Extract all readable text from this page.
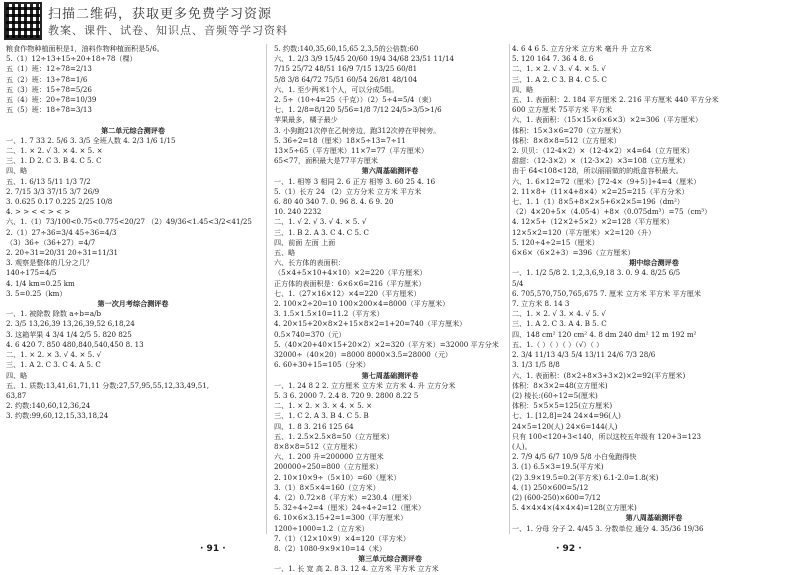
扫描二维码，获取更多免费学习资源
教案、课件、试卷、知识点、音频等学习资料
粮食作物种植面积是1，油料作物种植面积是5/6。
5.（1）12÷13+15÷20+18÷78（棵）
五（1）班：12÷78=2/13
五（2）班：13÷78=1/6
五（3）班：15÷78=5/26
五（4）班：20÷78=10/39
五（5）班：18÷78=3/13

第二单元综合测评卷
一、1. 7 33 2. 5/6 3. 3/5 全班人数 4. 2/3 1/6 1/15
二、1. × 2. √ 3. × 4. × 5. ×
三、1. D 2. C 3. B 4. C 5. C
四、略
五、1. 6/13 5/11 1/3 7/2
2. 7/15 3/3 37/15 3/7 26/9
3. 0.625 0.17 0.225 2/25 10/8
4. > > < < > < >
六、1.（1）73/100<0.75<0.775<20/27 （2）49/36<1.45<3/2<41/25
2.（1）27÷36=3/4 45÷36=4/3
（3）36÷（36+27）=4/7
2. 20÷31=20/31 20÷31=11/31
3. 观察是整体的几分之几？
140÷175=4/5
4. 1/4 km=0.25 km
3. 5=0.25（km）
第一次月考综合测评卷
一、1. 被除数 除数 a÷b=a/b
2. 3/5 13,26,39 13,26,39,52 6,18,24
3. 这箱苹果 4 3/4 1/4 2/5 5. 820 825
4. 6 420 7. 850 480,840,540,450 8. 13
二、1. × 2. × 3. √ 4. × 5. √
三、1. A 2. C 3. C 4. A 5. C
四、略
五、1. 质数:13,41,61,71,11 分数:27,57,95,55,12,33,49,51,
63,87
2. 约数:140,60,12,36,24
3. 约数:99,60,12,15,33,18,24
5. 约数:140,35,60,15,65 2,3,5的公倍数:60
六、1. 2/3 3/9 15/45 20/60 19/4 34/68 23/51 11/14
7/15 25/72 48/51 16/9 7/15 13/25 60/81
5/8 3/8 64/72 75/51 60/54 26/81 48/104
六、1. 至少两米1个人，可以分成5组。
2. 5÷（10÷4=25（千克））（2）5÷4=5/4（束）
七、1. 2/8=8/120 5/56=1/8 7/12 24/5>3/5>1/6
苹果最多，橘子最少
3. 小狗跑21次停在乙树旁边，跑312次停在甲树旁。
5. 36÷2=18（厘米）18×5÷13=7÷11
13×5÷65（平方厘米）11×7=77（平方厘米）
65<77，面积最大是77平方厘米
第六周基础测评卷
一、1. 相等 3 相同 2. 6 正方 相等 3. 60 25 4. 16
5.（1）长方 24 （2）立方分米 立方米 平方米
6. 80 40 340 7. 0. 96 8. 4. 6 9. 20
10. 240 2232
二、1. √ 2. √ 3. √ 4. × 5. √
三、1. B 2. A 3. C 4. C 5. C
四、前面 左面 上面
五、略
六、长方体的表面积：
（5×4+5×10+4×10）×2=220（平方厘米）
正方体的表面积是：6×6×6=216（平方厘米）
七、1.（27×16×12）×4=220（平方厘米）
2. 100×2÷20=10 100×200×4=8000（平方厘米）
3. 1.5×1.5×10=11.2（平方米）
4. 20×15+20×8×2+15×8×2=1+20=740（平方厘米）
0.5×740=370（元）
5.（40×20+40×15+20×2）×2=320（平方米）=32000 平方分米
32000÷（40×20）=8000 8000×3.5=28000（元）
6. 60+30+15=105（分米）
第七周基础测评卷
一、1. 24 8 2 2. 立方厘米 立方米 立方米 4. 升 立方分米
5. 3 6. 2000 7. 2.4 8. 720 9. 2800 8.22 5
二、1. × 2. × 3. × 4. × 5. ×
三、1. C 2. A 3. B 4. C 5. B
四、1. 8 3. 216 125 64
五、1. 2.5×2.5×8=50（立方厘米）
8×8×8=512（立方厘米）
六、1. 200 升=200000 立方厘米
200000÷250=800（立方厘米）
2. 10×10×9÷（5×10）=60（厘米）
3.（1）8×5×4=160（立方米）
4.（2）0.72×8（平方米）=230.4（厘米）
5. 32÷4÷2=4（厘米）24÷4÷2=12（厘米）
6. 10×6×3.15+2=1=300（平方厘米）
1200÷1000=1.2（立方米）
7.（1）（12×10×9）×4=120（平方米）
8.（2）1080-9×9×10=14（米）
第三单元综合测评卷
一、1. 长 宽 高 2. 8 3. 12 4. 立方米 平方米 立方米
4. 6 4 6 5. 立方分米 立方米 毫升 升 立方米
5. 120 164 7. 36 4 8. 6
二、1. × 2. √ 3. √ 4. × 5. √
三、1. A 2. C 3. B 4. C 5. C
四、略
五、1. 表面积：2. 184 平方厘米 2. 216 平方厘米 440 平方分米
600 立方厘米 75平方米 平方米
六、1. 表面积：（15×15×6×6×3）×2=306（平方厘米）
体积：15×3×6=270（立方厘米）
体积：8×8×8=512（立方厘米）
2. 贝贝：（12-4×2）×（12-4×2）×4=64（立方厘米）
甜甜：（12-3×2）×（12-3×2）×3=108（立方厘米）
由于 64<108<128，所以丽丽做的的纸盒容积最大。
六、1. 6×12=72（厘米）[72-4×（9+5）]÷4=4（厘米）
2. 11×8+（11×4+8×4）×2=25=215（平方分米）
七、1. 1（1）8×5+8×2×5+6×2×5=196（dm²）
（2）4×20+5×（4.05-4）+8×（0.075dm³）=75（cm³）
4. 12×5+（12×2+5×2）×2=128（平方厘米）
12×5×2=120（平方厘米）×2=120（升）
5. 120÷4÷2=15（厘米）
6×6×（6×2+3）=396（立方厘米）
期中综合测评卷
一、1. 1/2 5/8 2. 1,2,3,6,9,18 3. 0. 9 4. 8/25 6/5
5/4
6. 705,570,750,765,675 7. 厘米 立方米 平方米 平方厘米
7. 立方米 8. 14 3
二、1. × 2. √ 3. × 4. √ 5. √
三、1. A 2. C 3. A 4. B 5. C
四、148 cm² 120 cm² 4. 8 dm 240 dm² 12 m 192 m²
五、1.（ ）（ ）（ ）（√）（ ）
2. 3/4 11/13 4/3 5/4 13/11 24/6 7/3 28/6
3. 1/3 1/5 8/8
六、1. 表面积：(8×2+8×3+3×2)×2=92(平方厘米)
体积：8×3×2=48(立方厘米)
(2) 棱长:(60÷12=5(厘米)
体积：5×5×5=125(立方厘米)
七、1. [12,8]=24 24×4=96(人)
24×5=120(人) 24×6=144(人)
只有 100<120+3<140，所以这校五年级有 120+3=123
(人)。
2. 7/9 4/5 6/7 10/9 5/8 小白兔跑得快
3. (1) 6.5×3=19.5(平方米)
(2) 3.9×19.5=0.2(平方米) 6.1-2.0=1.8(米)
4. (1) 250×600=5/12
(2) (600-250)×600=7/12
5. 4×4×4×(4×4×4)=128(立方厘米)
第八周基础测评卷
一、1. 分母 分子 2. 4/45 3. 分数单位 通分 4. 35/36 19/36
· 91 ·	· 92 ·
